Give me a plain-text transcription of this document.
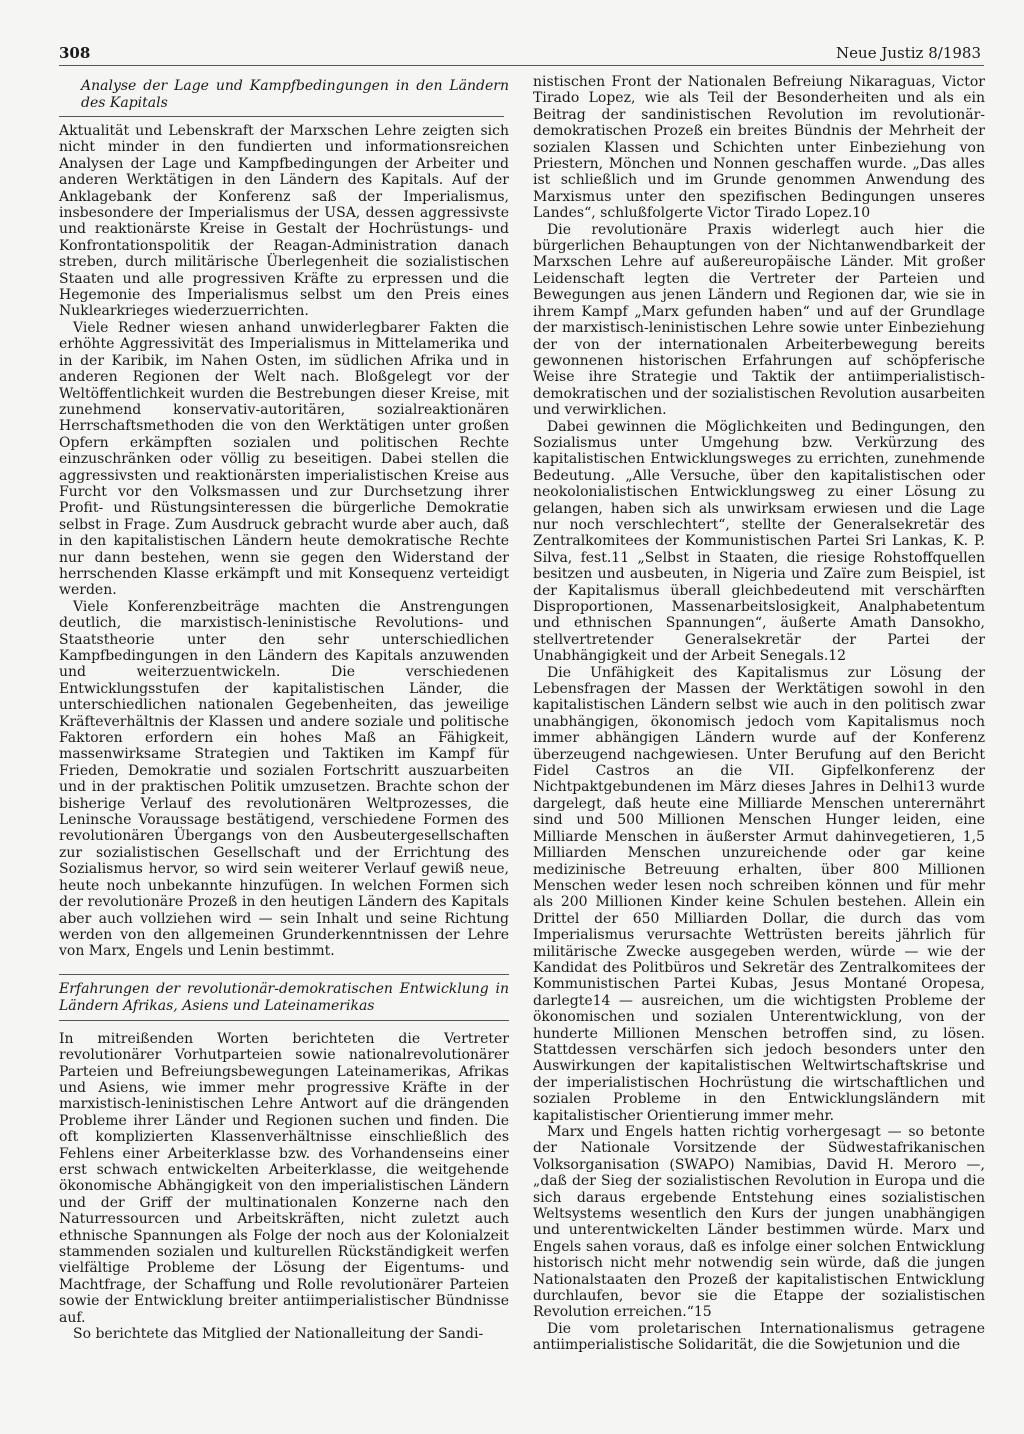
308	Neue Justiz 8/1983
Analyse der Lage und Kampfbedingungen in den Ländern des Kapitals

Aktualität und Lebenskraft der Marxschen Lehre zeigten sich nicht minder in den fundierten und informationsreichen Analysen der Lage und Kampfbedingungen der Arbeiter und anderen Werktätigen in den Ländern des Kapitals. Auf der Anklagebank der Konferenz saß der Imperialismus, insbesondere der Imperialismus der USA, dessen aggressivste und reaktionärste Kreise in Gestalt der Hochrüstungs- und Konfrontationspolitik der Reagan-Administration danach streben, durch militärische Überlegenheit die sozialistischen Staaten und alle progressiven Kräfte zu erpressen und die Hegemonie des Imperialismus selbst um den Preis eines Nuklearkrieges wiederzuerrichten.

Viele Redner wiesen anhand unwiderlegbarer Fakten die erhöhte Aggressivität des Imperialismus in Mittelamerika und in der Karibik, im Nahen Osten, im südlichen Afrika und in anderen Regionen der Welt nach. Bloßgelegt vor der Weltöffentlichkeit wurden die Bestrebungen dieser Kreise, mit zunehmend konservativ-autoritären, sozialreaktionären Herrschaftsmethoden die von den Werktätigen unter großen Opfern erkämpften sozialen und politischen Rechte einzuschränken oder völlig zu beseitigen. Dabei stellen die aggressivsten und reaktionärsten imperialistischen Kreise aus Furcht vor den Volksmassen und zur Durchsetzung ihrer Profit- und Rüstungsinteressen die bürgerliche Demokratie selbst in Frage. Zum Ausdruck gebracht wurde aber auch, daß in den kapitalistischen Ländern heute demokratische Rechte nur dann bestehen, wenn sie gegen den Widerstand der herrschenden Klasse erkämpft und mit Konsequenz verteidigt werden.

Viele Konferenzbeiträge machten die Anstrengungen deutlich, die marxistisch-leninistische Revolutions- und Staatstheorie unter den sehr unterschiedlichen Kampfbedingungen in den Ländern des Kapitals anzuwenden und weiterzuentwickeln. Die verschiedenen Entwicklungsstufen der kapitalistischen Länder, die unterschiedlichen nationalen Gegebenheiten, das jeweilige Kräfteverhältnis der Klassen und andere soziale und politische Faktoren erfordern ein hohes Maß an Fähigkeit, massenwirksame Strategien und Taktiken im Kampf für Frieden, Demokratie und sozialen Fortschritt auszuarbeiten und in der praktischen Politik umzusetzen. Brachte schon der bisherige Verlauf des revolutionären Weltprozesses, die Leninsche Voraussage bestätigend, verschiedene Formen des revolutionären Übergangs von den Ausbeutergesellschaften zur sozialistischen Gesellschaft und der Errichtung des Sozialismus hervor, so wird sein weiterer Verlauf gewiß neue, heute noch unbekannte hinzufügen. In welchen Formen sich der revolutionäre Prozeß in den heutigen Ländern des Kapitals aber auch vollziehen wird — sein Inhalt und seine Richtung werden von den allgemeinen Grunderkenntnissen der Lehre von Marx, Engels und Lenin bestimmt.

Erfahrungen der revolutionär-demokratischen Entwicklung in Ländern Afrikas, Asiens und Lateinamerikas

In mitreißenden Worten berichteten die Vertreter revolutionärer Vorhutparteien sowie nationalrevolutionärer Parteien und Befreiungsbewegungen Lateinamerikas, Afrikas und Asiens, wie immer mehr progressive Kräfte in der marxistisch-leninistischen Lehre Antwort auf die drängenden Probleme ihrer Länder und Regionen suchen und finden. Die oft komplizierten Klassenverhältnisse einschließlich des Fehlens einer Arbeiterklasse bzw. des Vorhandenseins einer erst schwach entwickelten Arbeiterklasse, die weitgehende ökonomische Abhängigkeit von den imperialistischen Ländern und der Griff der multinationalen Konzerne nach den Naturressourcen und Arbeitskräften, nicht zuletzt auch ethnische Spannungen als Folge der noch aus der Kolonialzeit stammenden sozialen und kulturellen Rückständigkeit werfen vielfältige Probleme der Lösung der Eigentums- und Machtfrage, der Schaffung und Rolle revolutionärer Parteien sowie der Entwicklung breiter antiimperialistischer Bündnisse auf.

So berichtete das Mitglied der Nationalleitung der Sandi-

nistischen Front der Nationalen Befreiung Nikaraguas, Victor Tirado Lopez, wie als Teil der Besonderheiten und als ein Beitrag der sandinistischen Revolution im revolutionär-demokratischen Prozeß ein breites Bündnis der Mehrheit der sozialen Klassen und Schichten unter Einbeziehung von Priestern, Mönchen und Nonnen geschaffen wurde. „Das alles ist schließlich und im Grunde genommen Anwendung des Marxismus unter den spezifischen Bedingungen unseres Landes“, schlußfolgerte Victor Tirado Lopez.10

Die revolutionäre Praxis widerlegt auch hier die bürgerlichen Behauptungen von der Nichtanwendbarkeit der Marxschen Lehre auf außereuropäische Länder. Mit großer Leidenschaft legten die Vertreter der Parteien und Bewegungen aus jenen Ländern und Regionen dar, wie sie in ihrem Kampf „Marx gefunden haben“ und auf der Grundlage der marxistisch-leninistischen Lehre sowie unter Einbeziehung der von der internationalen Arbeiterbewegung bereits gewonnenen historischen Erfahrungen auf schöpferische Weise ihre Strategie und Taktik der antiimperialistisch-demokratischen und der sozialistischen Revolution ausarbeiten und verwirklichen.

Dabei gewinnen die Möglichkeiten und Bedingungen, den Sozialismus unter Umgehung bzw. Verkürzung des kapitalistischen Entwicklungsweges zu errichten, zunehmende Bedeutung. „Alle Versuche, über den kapitalistischen oder neokolonialistischen Entwicklungsweg zu einer Lösung zu gelangen, haben sich als unwirksam erwiesen und die Lage nur noch verschlechtert“, stellte der Generalsekretär des Zentralkomitees der Kommunistischen Partei Sri Lankas, K. P. Silva, fest.11 „Selbst in Staaten, die riesige Rohstoffquellen besitzen und ausbeuten, in Nigeria und Zaïre zum Beispiel, ist der Kapitalismus überall gleichbedeutend mit verschärften Disproportionen, Massenarbeitslosigkeit, Analphabetentum und ethnischen Spannungen“, äußerte Amath Dansokho, stellvertretender Generalsekretär der Partei der Unabhängigkeit und der Arbeit Senegals.12

Die Unfähigkeit des Kapitalismus zur Lösung der Lebensfragen der Massen der Werktätigen sowohl in den kapitalistischen Ländern selbst wie auch in den politisch zwar unabhängigen, ökonomisch jedoch vom Kapitalismus noch immer abhängigen Ländern wurde auf der Konferenz überzeugend nachgewiesen. Unter Berufung auf den Bericht Fidel Castros an die VII. Gipfelkonferenz der Nichtpaktgebundenen im März dieses Jahres in Delhi13 wurde dargelegt, daß heute eine Milliarde Menschen unterernährt sind und 500 Millionen Menschen Hunger leiden, eine Milliarde Menschen in äußerster Armut dahinvegetieren, 1,5 Milliarden Menschen unzureichende oder gar keine medizinische Betreuung erhalten, über 800 Millionen Menschen weder lesen noch schreiben können und für mehr als 200 Millionen Kinder keine Schulen bestehen. Allein ein Drittel der 650 Milliarden Dollar, die durch das vom Imperialismus verursachte Wettrüsten bereits jährlich für militärische Zwecke ausgegeben werden, würde — wie der Kandidat des Politbüros und Sekretär des Zentralkomitees der Kommunistischen Partei Kubas, Jesus Montané Oropesa, darlegte14 — ausreichen, um die wichtigsten Probleme der ökonomischen und sozialen Unterentwicklung, von der hunderte Millionen Menschen betroffen sind, zu lösen. Stattdessen verschärfen sich jedoch besonders unter den Auswirkungen der kapitalistischen Weltwirtschaftskrise und der imperialistischen Hochrüstung die wirtschaftlichen und sozialen Probleme in den Entwicklungsländern mit kapitalistischer Orientierung immer mehr.

Marx und Engels hatten richtig vorhergesagt — so betonte der Nationale Vorsitzende der Südwestafrikanischen Volksorganisation (SWAPO) Namibias, David H. Meroro —, „daß der Sieg der sozialistischen Revolution in Europa und die sich daraus ergebende Entstehung eines sozialistischen Weltsystems wesentlich den Kurs der jungen unabhängigen und unterentwickelten Länder bestimmen würde. Marx und Engels sahen voraus, daß es infolge einer solchen Entwicklung historisch nicht mehr notwendig sein würde, daß die jungen Nationalstaaten den Prozeß der kapitalistischen Entwicklung durchlaufen, bevor sie die Etappe der sozialistischen Revolution erreichen.“15

Die vom proletarischen Internationalismus getragene antiimperialistische Solidarität, die die Sowjetunion und die
